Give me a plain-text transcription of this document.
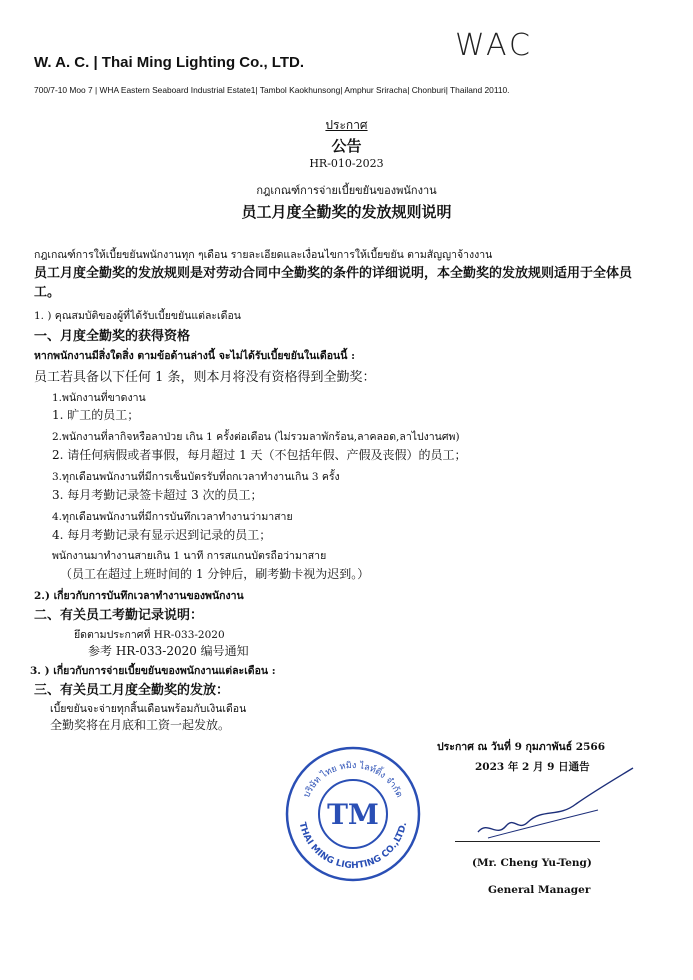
WAC
W. A. C. | Thai Ming Lighting Co., LTD.
700/7-10 Moo 7 | WHA Eastern Seaboard Industrial Estate1| Tambol Kaokhunsong| Amphur Sriracha| Chonburi| Thailand 20110.
ประกาศ
公告
HR-010-2023
กฎเกณฑ์การจ่ายเบี้ยขยันของพนักงาน
员工月度全勤奖的发放规则说明
กฎเกณฑ์การให้เบี้ยขยันพนักงานทุก ๆเดือน รายละเอียดและเงื่อนไขการให้เบี้ยขยัน ตามสัญญาจ้างงาน
员工月度全勤奖的发放规则是对劳动合同中全勤奖的条件的详细说明，本全勤奖的发放规则适用于全体员工。
1. ) คุณสมบัติของผู้ที่ได้รับเบี้ยขยันแต่ละเดือน
一、月度全勤奖的获得资格
หากพนักงานมีสิ่งใดสิ่ง ตามข้อด้านล่างนี้ จะไม่ได้รับเบี้ยขยันในเดือนนี้ :
员工若具备以下任何 1 条，则本月将没有资格得到全勤奖：
1.พนักงานที่ขาดงาน
1. 旷工的员工；
2.พนักงานที่ลากิจหรือลาป่วย เกิน 1 ครั้งต่อเดือน (ไม่รวมลาพักร้อน,ลาคลอด,ลาไปงานศพ)
2. 请任何病假或者事假，每月超过 1 天（不包括年假、产假及丧假）的员工；
3.ทุกเดือนพนักงานที่มีการเซ็นบัตรรับที่ถกเวลาทำงานเกิน 3 ครั้ง
3. 每月考勤记录签卡超过 3 次的员工；
4.ทุกเดือนพนักงานที่มีการบันทึกเวลาทำงานว่ามาสาย
4. 每月考勤记录有显示迟到记录的员工；
พนักงานมาทำงานสายเกิน 1 นาที การสแกนบัตรถือว่ามาสาย
（员工在超过上班时间的 1 分钟后，刷考勤卡视为迟到。）
2.) เกี่ยวกับการบันทึกเวลาทำงานของพนักงาน
二、有关员工考勤记录说明：
ยึดตามประกาศที่ HR-033-2020
参考 HR-033-2020 编号通知
3. ) เกี่ยวกับการจ่ายเบี้ยขยันของพนักงานแต่ละเดือน :
三、有关员工月度全勤奖的发放：
เบี้ยขยันจะจ่ายทุกสิ้นเดือนพร้อมกับเงินเดือน
全勤奖将在月底和工资一起发放。
ประกาศ ณ วันที่ 9 กุมภาพันธ์ 2566
2023 年 2 月 9 日通告
บริษัท ไทย หมิง ไลท์ติ้ง จำกัด
THAI MING LIGHTING CO.,LTD.
TM
(Mr. Cheng Yu-Teng)
General Manager
